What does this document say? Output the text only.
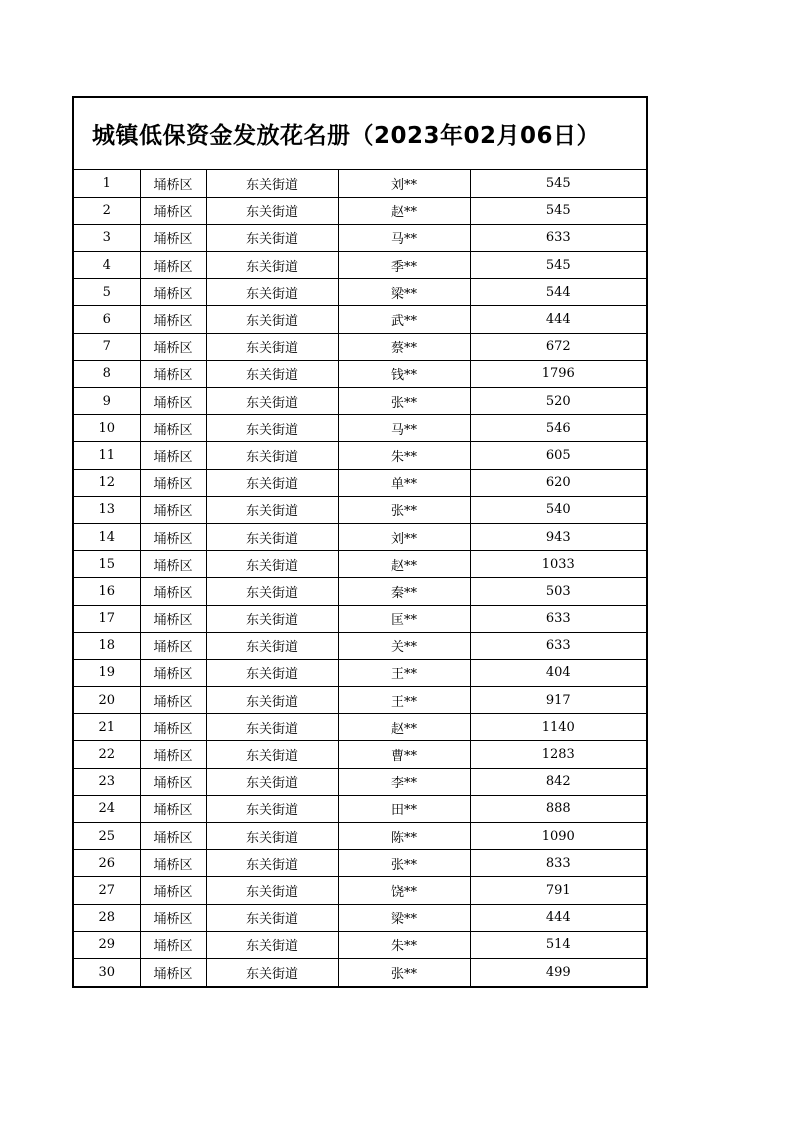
城镇低保资金发放花名册（2023年02月06日）
1	埇桥区	东关街道	刘**	545
2	埇桥区	东关街道	赵**	545
3	埇桥区	东关街道	马**	633
4	埇桥区	东关街道	季**	545
5	埇桥区	东关街道	梁**	544
6	埇桥区	东关街道	武**	444
7	埇桥区	东关街道	蔡**	672
8	埇桥区	东关街道	钱**	1796
9	埇桥区	东关街道	张**	520
10	埇桥区	东关街道	马**	546
11	埇桥区	东关街道	朱**	605
12	埇桥区	东关街道	单**	620
13	埇桥区	东关街道	张**	540
14	埇桥区	东关街道	刘**	943
15	埇桥区	东关街道	赵**	1033
16	埇桥区	东关街道	秦**	503
17	埇桥区	东关街道	匡**	633
18	埇桥区	东关街道	关**	633
19	埇桥区	东关街道	王**	404
20	埇桥区	东关街道	王**	917
21	埇桥区	东关街道	赵**	1140
22	埇桥区	东关街道	曹**	1283
23	埇桥区	东关街道	李**	842
24	埇桥区	东关街道	田**	888
25	埇桥区	东关街道	陈**	1090
26	埇桥区	东关街道	张**	833
27	埇桥区	东关街道	饶**	791
28	埇桥区	东关街道	梁**	444
29	埇桥区	东关街道	朱**	514
30	埇桥区	东关街道	张**	499
